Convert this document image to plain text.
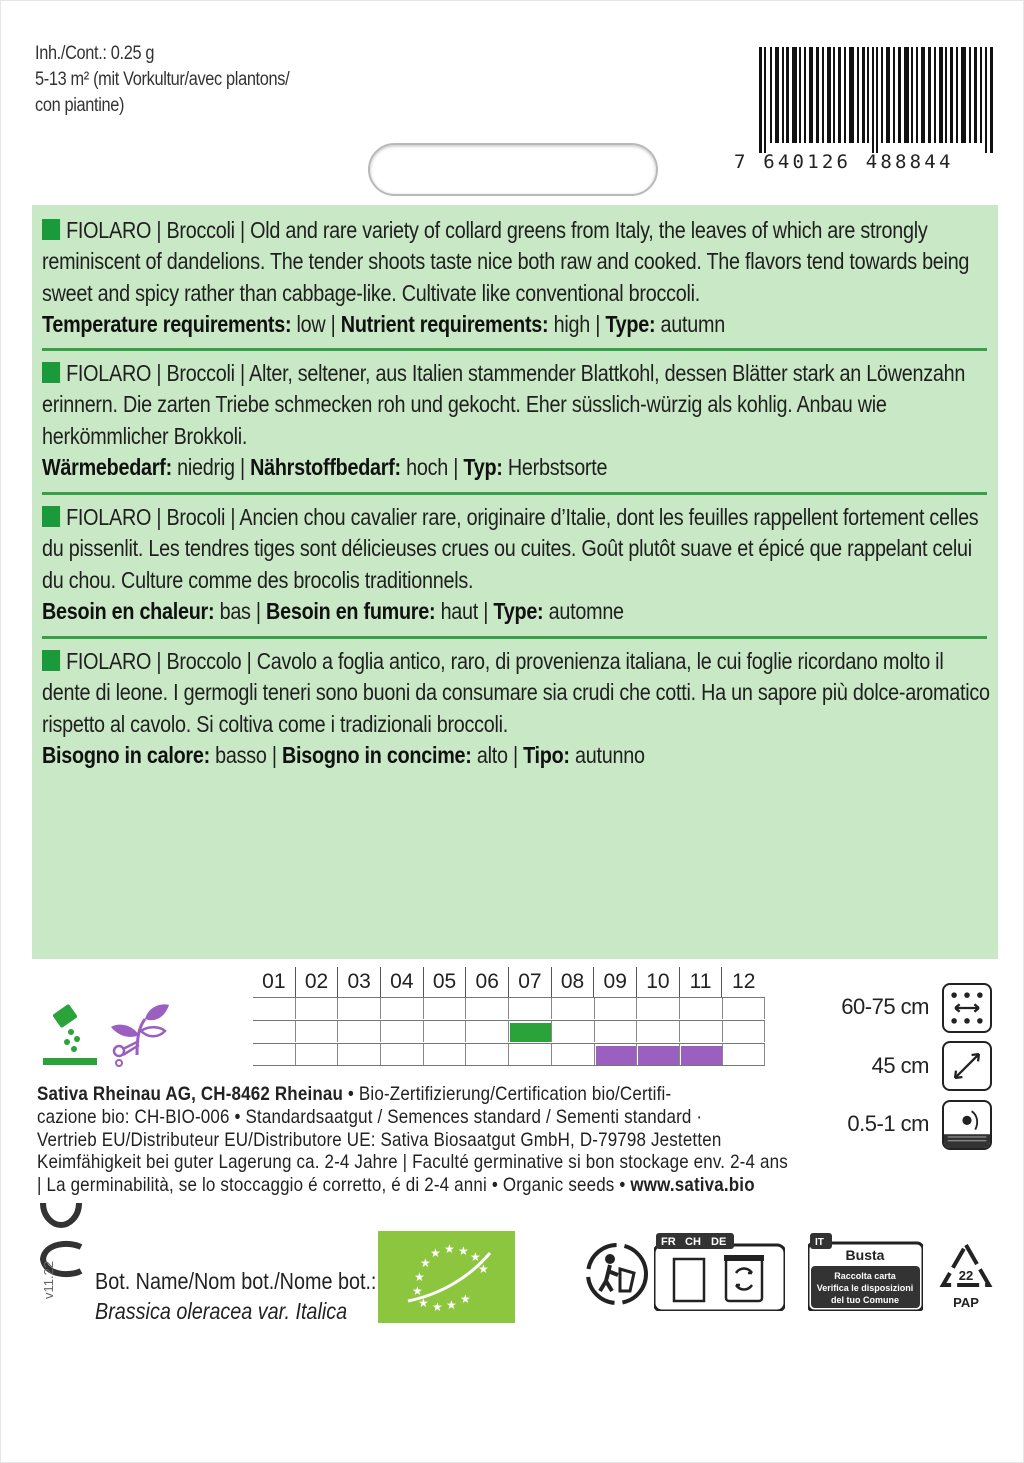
Inh./Cont.: 0.25 g
5-13 m² (mit Vorkultur/avec plantons/
con piantine)
7 640126 488844
FIOLARO | Broccoli | Old and rare variety of collard greens from Italy, the leaves of which are strongly reminiscent of dandelions. The tender shoots taste nice both raw and cooked. The flavors tend towards being sweet and spicy rather than cabbage-like. Cultivate like conventional broccoli.
Temperature requirements: low | Nutrient requirements: high | Type: autumn
FIOLARO | Broccoli | Alter, seltener, aus Italien stammender Blattkohl, dessen Blätter stark an Löwenzahn erinnern. Die zarten Triebe schmecken roh und gekocht. Eher süsslich-würzig als kohlig. Anbau wie herkömmlicher Brokkoli.
Wärmebedarf: niedrig | Nährstoffbedarf: hoch | Typ: Herbstsorte
FIOLARO | Brocoli | Ancien chou cavalier rare, originaire d’Italie, dont les feuilles rappellent fortement celles du pissenlit. Les tendres tiges sont délicieuses crues ou cuites. Goût plutôt suave et épicé que rappelant celui du chou. Culture comme des brocolis traditionnels.
Besoin en chaleur: bas | Besoin en fumure: haut | Type: automne
FIOLARO | Broccolo | Cavolo a foglia antico, raro, di provenienza italiana, le cui foglie ricordano molto il dente di leone. I germogli teneri sono buoni da consumare sia crudi che cotti. Ha un sapore più dolce-aromatico rispetto al cavolo. Si coltiva come i tradizionali broccoli.
Bisogno in calore: basso | Bisogno in concime: alto | Tipo: autunno
01 02 03 04 05 06 07 08 09 10 11 12
60-75 cm
45 cm
0.5-1 cm
Sativa Rheinau AG, CH-8462 Rheinau • Bio-Zertifizierung/Certification bio/Certifi-
cazione bio: CH-BIO-006 • Standardsaatgut / Semences standard / Sementi standard ·
Vertrieb EU/Distributeur EU/Distributore UE: Sativa Biosaatgut GmbH, D-79798 Jestetten
Keimfähigkeit bei guter Lagerung ca. 2-4 Jahre | Faculté germinative si bon stockage env. 2-4 ans
| La germinabilità, se lo stoccaggio é corretto, é di 2-4 anni • Organic seeds • www.sativa.bio
v11.22 Bot. Name/Nom bot./Nome bot.:
Brassica oleracea var. Italica
★ ★ ★ ★
★
★
★
★
★ ★ ★ ★
FR CH DE	IT
Busta
Raccolta carta
Verifica le disposizioni
del tuo Comune
22
PAP
